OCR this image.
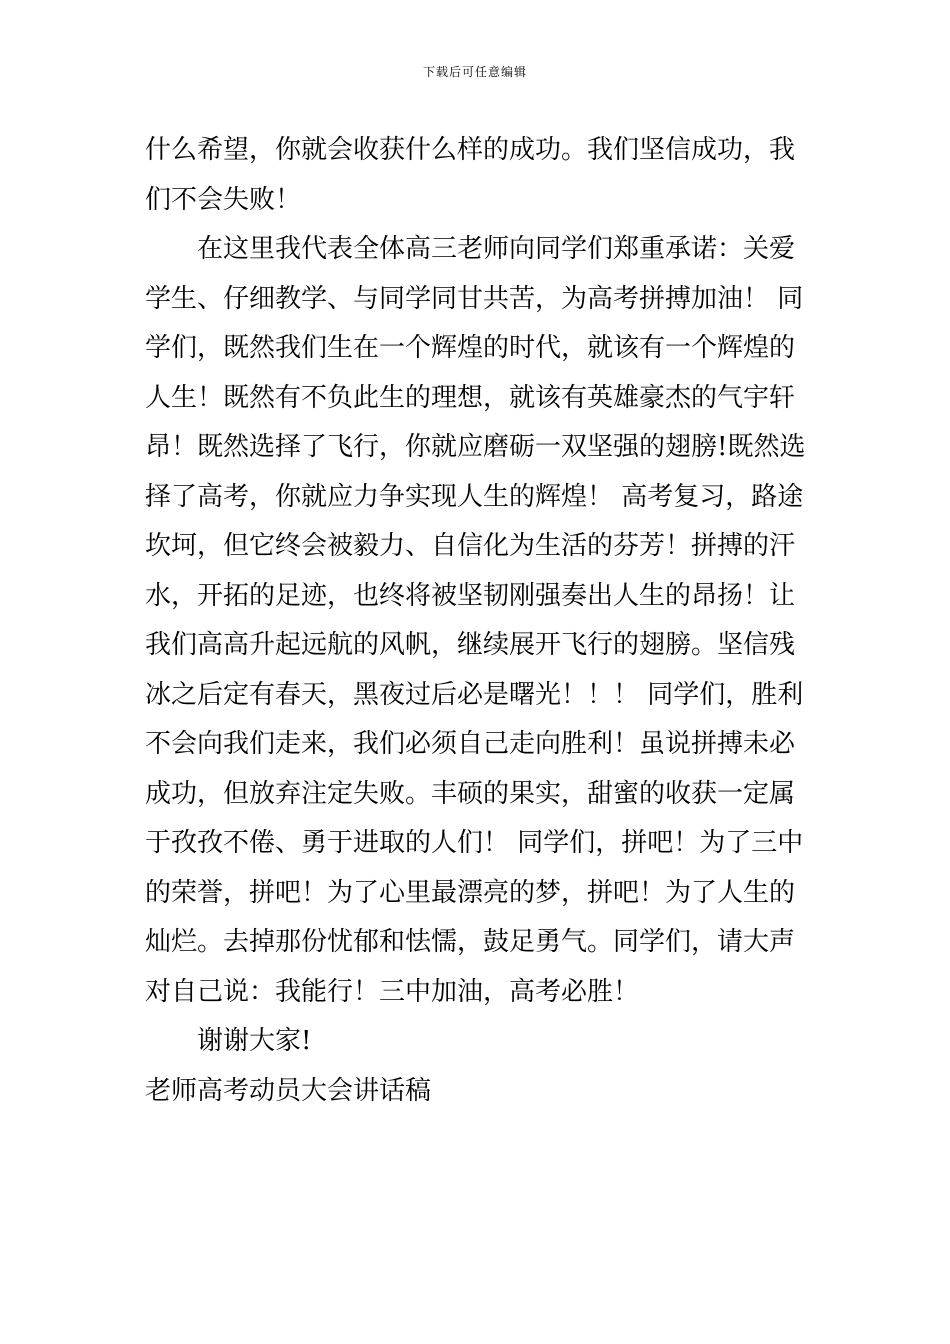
下载后可任意编辑
什么希望，你就会收获什么样的成功。我们坚信成功，我
们不会失败！
在这里我代表全体高三老师向同学们郑重承诺：关爱
学生、仔细教学、与同学同甘共苦，为高考拼搏加油！ 同
学们，既然我们生在一个辉煌的时代，就该有一个辉煌的
人生！既然有不负此生的理想，就该有英雄豪杰的气宇轩
昂！既然选择了飞行，你就应磨砺一双坚强的翅膀!既然选
择了高考，你就应力争实现人生的辉煌！ 高考复习，路途
坎坷，但它终会被毅力、自信化为生活的芬芳！拼搏的汗
水，开拓的足迹，也终将被坚韧刚强奏出人生的昂扬！让
我们高高升起远航的风帆，继续展开飞行的翅膀。坚信残
冰之后定有春天，黑夜过后必是曙光！！！ 同学们，胜利
不会向我们走来，我们必须自己走向胜利！虽说拼搏未必
成功，但放弃注定失败。丰硕的果实，甜蜜的收获一定属
于孜孜不倦、勇于进取的人们！ 同学们，拼吧！为了三中
的荣誉，拼吧！为了心里最漂亮的梦，拼吧！为了人生的
灿烂。去掉那份忧郁和怯懦，鼓足勇气。同学们，请大声
对自己说：我能行！三中加油，高考必胜！
谢谢大家!
老师高考动员大会讲话稿
